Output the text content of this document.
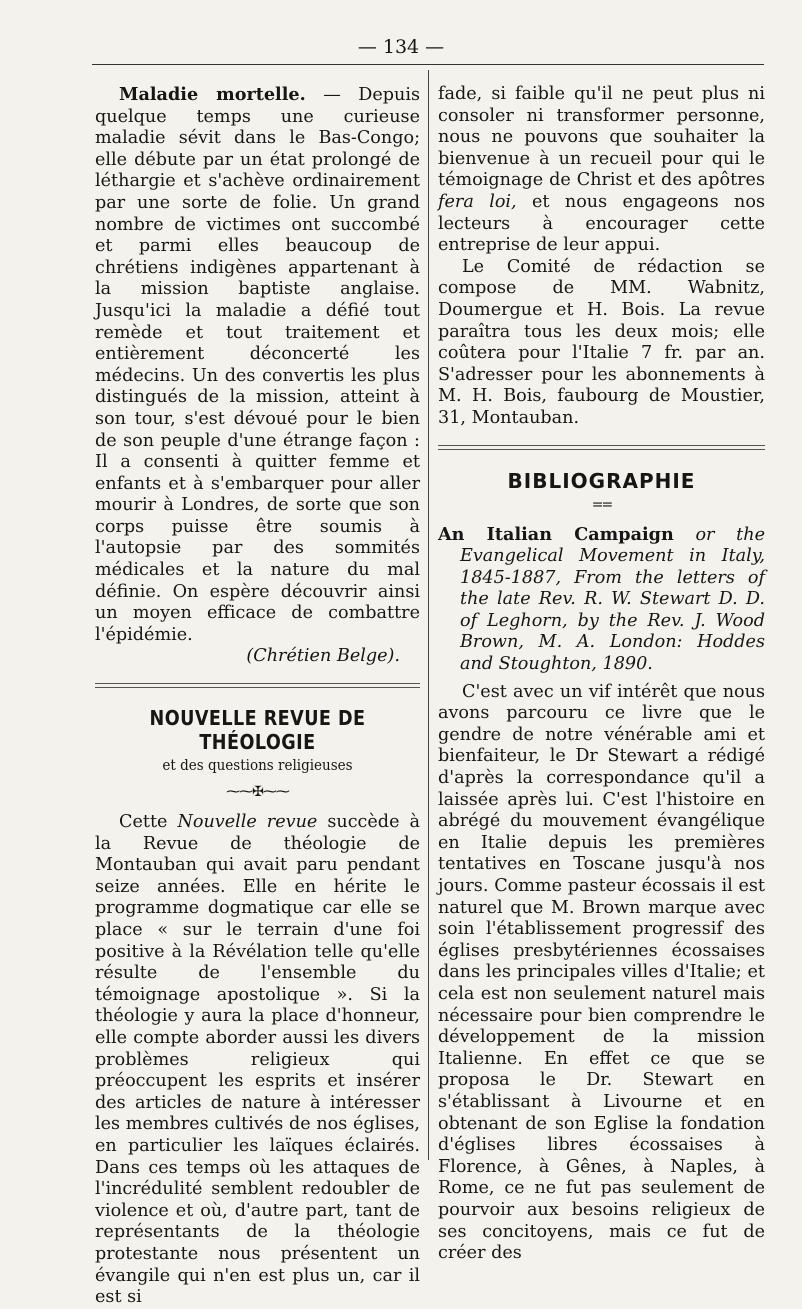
— 134 —

Maladie mortelle. — Depuis quelque temps une curieuse maladie sévit dans le Bas-Congo; elle débute par un état prolongé de léthargie et s'achève ordinairement par une sorte de folie. Un grand nombre de victimes ont succombé et parmi elles beaucoup de chrétiens indigènes appartenant à la mission baptiste anglaise. Jusqu'ici la maladie a défié tout remède et tout traitement et entièrement déconcerté les médecins. Un des convertis les plus distingués de la mission, atteint à son tour, s'est dévoué pour le bien de son peuple d'une étrange façon : Il a consenti à quitter femme et enfants et à s'embarquer pour aller mourir à Londres, de sorte que son corps puisse être soumis à l'autopsie par des sommités médicales et la nature du mal définie. On espère découvrir ainsi un moyen efficace de combattre l'épidémie.

(Chrétien Belge).

NOUVELLE REVUE DE THÉOLOGIE
et des questions religieuses
⁓⁓✠⁓⁓

Cette Nouvelle revue succède à la Revue de théologie de Montauban qui avait paru pendant seize années. Elle en hérite le programme dogmatique car elle se place « sur le terrain d'une foi positive à la Révélation telle qu'elle résulte de l'ensemble du témoignage apostolique ». Si la théologie y aura la place d'honneur, elle compte aborder aussi les divers problèmes religieux qui préoccupent les esprits et insérer des articles de nature à intéresser les membres cultivés de nos églises, en particulier les laïques éclairés. Dans ces temps où les attaques de l'incrédulité semblent redoubler de violence et où, d'autre part, tant de représentants de la théologie protestante nous présentent un évangile qui n'en est plus un, car il est si

fade, si faible qu'il ne peut plus ni consoler ni transformer personne, nous ne pouvons que souhaiter la bienvenue à un recueil pour qui le témoignage de Christ et des apôtres fera loi, et nous engageons nos lecteurs à encourager cette entreprise de leur appui.

Le Comité de rédaction se compose de MM. Wabnitz, Doumergue et H. Bois. La revue paraîtra tous les deux mois; elle coûtera pour l'Italie 7 fr. par an. S'adresser pour les abonnements à M. H. Bois, faubourg de Moustier, 31, Montauban.

BIBLIOGRAPHIE
==

An Italian Campaign or the Evangelical Movement in Italy, 1845-1887, From the letters of the late Rev. R. W. Stewart D. D. of Leghorn, by the Rev. J. Wood Brown, M. A. London: Hoddes and Stoughton, 1890.

C'est avec un vif intérêt que nous avons parcouru ce livre que le gendre de notre vénérable ami et bienfaiteur, le Dr Stewart a rédigé d'après la correspondance qu'il a laissée après lui. C'est l'histoire en abrégé du mouvement évangélique en Italie depuis les premières tentatives en Toscane jusqu'à nos jours. Comme pasteur écossais il est naturel que M. Brown marque avec soin l'établissement progressif des églises presbytériennes écossaises dans les principales villes d'Italie; et cela est non seulement naturel mais nécessaire pour bien comprendre le développement de la mission Italienne. En effet ce que se proposa le Dr. Stewart en s'établissant à Livourne et en obtenant de son Eglise la fondation d'églises libres écossaises à Florence, à Gênes, à Naples, à Rome, ce ne fut pas seulement de pourvoir aux besoins religieux de ses concitoyens, mais ce fut de créer des
